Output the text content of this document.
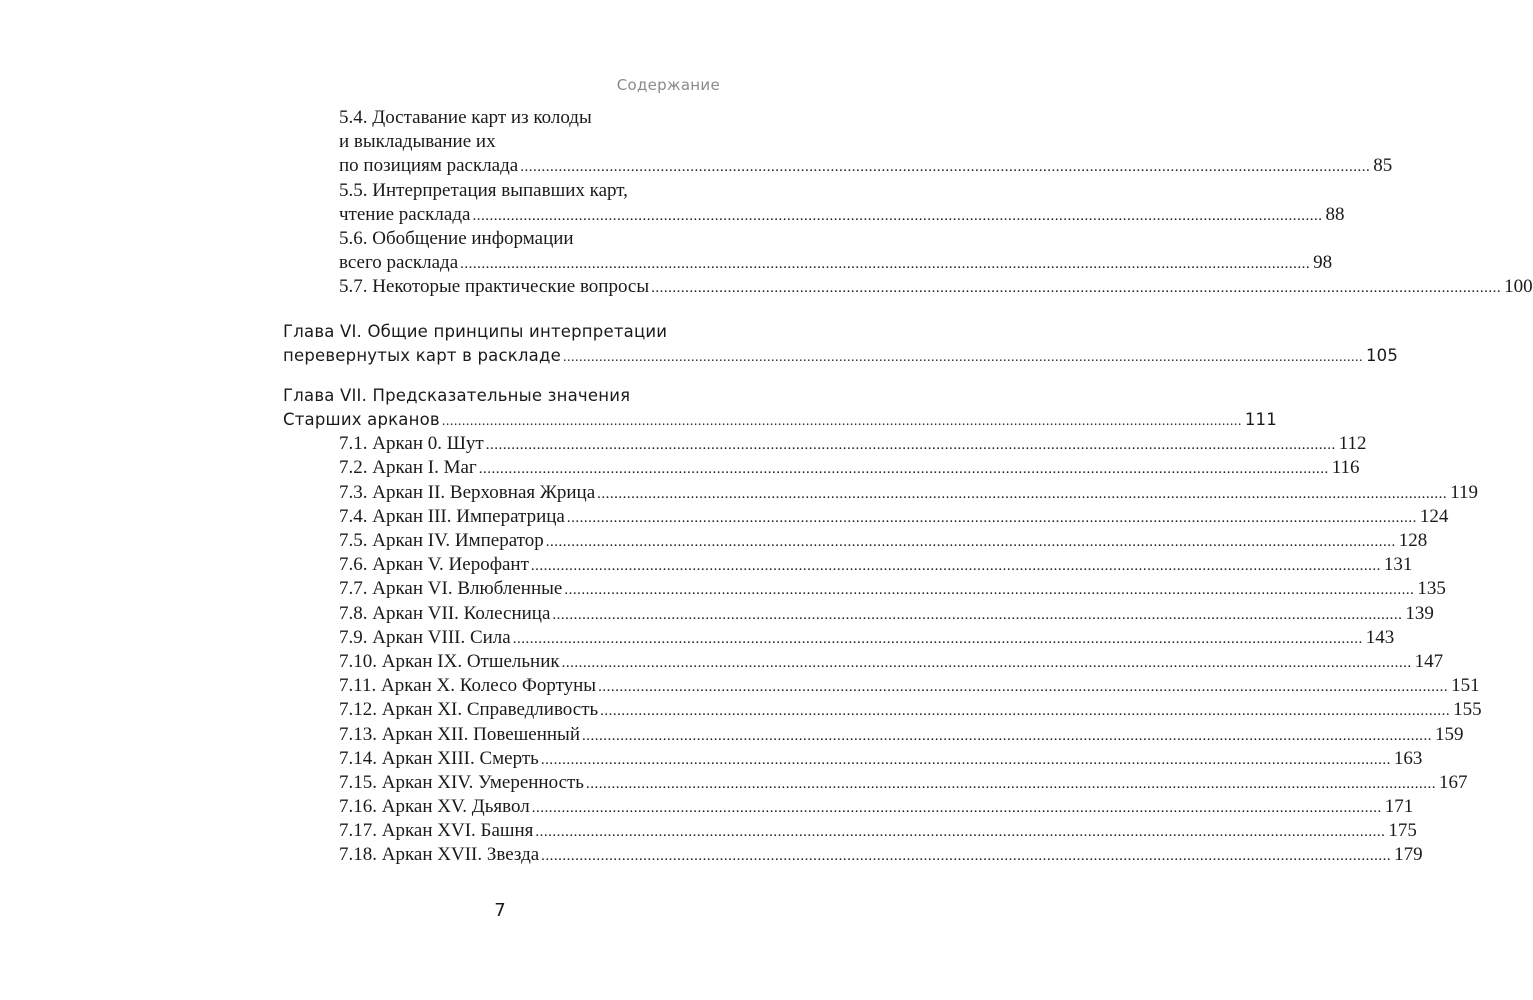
Содержание
5.4. Доставание карт из колоды
и выкладывание их
по позициям расклада ........................................................................................................................................................................................................ 85
5.5. Интерпретация выпавших карт,
чтение расклада ........................................................................................................................................................................................................ 88
5.6. Обобщение информации
всего расклада ........................................................................................................................................................................................................ 98
5.7. Некоторые практические вопросы ........................................................................................................................................................................................................ 100
Глава VI. Общие принципы интерпретации
перевернутых карт в раскладе ........................................................................................................................................................................................................ 105
Глава VII. Предсказательные значения
Старших арканов ........................................................................................................................................................................................................ 111
7.1. Аркан 0. Шут ........................................................................................................................................................................................................ 112
7.2. Аркан I. Маг ........................................................................................................................................................................................................ 116
7.3. Аркан II. Верховная Жрица ........................................................................................................................................................................................................ 119
7.4. Аркан III. Императрица ........................................................................................................................................................................................................ 124
7.5. Аркан IV. Император ........................................................................................................................................................................................................ 128
7.6. Аркан V. Иерофант ........................................................................................................................................................................................................ 131
7.7. Аркан VI. Влюбленные ........................................................................................................................................................................................................ 135
7.8. Аркан VII. Колесница ........................................................................................................................................................................................................ 139
7.9. Аркан VIII. Сила ........................................................................................................................................................................................................ 143
7.10. Аркан IX. Отшельник ........................................................................................................................................................................................................ 147
7.11. Аркан X. Колесо Фортуны ........................................................................................................................................................................................................ 151
7.12. Аркан XI. Справедливость ........................................................................................................................................................................................................ 155
7.13. Аркан XII. Повешенный ........................................................................................................................................................................................................ 159
7.14. Аркан XIII. Смерть ........................................................................................................................................................................................................ 163
7.15. Аркан XIV. Умеренность ........................................................................................................................................................................................................ 167
7.16. Аркан XV. Дьявол ........................................................................................................................................................................................................ 171
7.17. Аркан XVI. Башня ........................................................................................................................................................................................................ 175
7.18. Аркан XVII. Звезда ........................................................................................................................................................................................................ 179
7
